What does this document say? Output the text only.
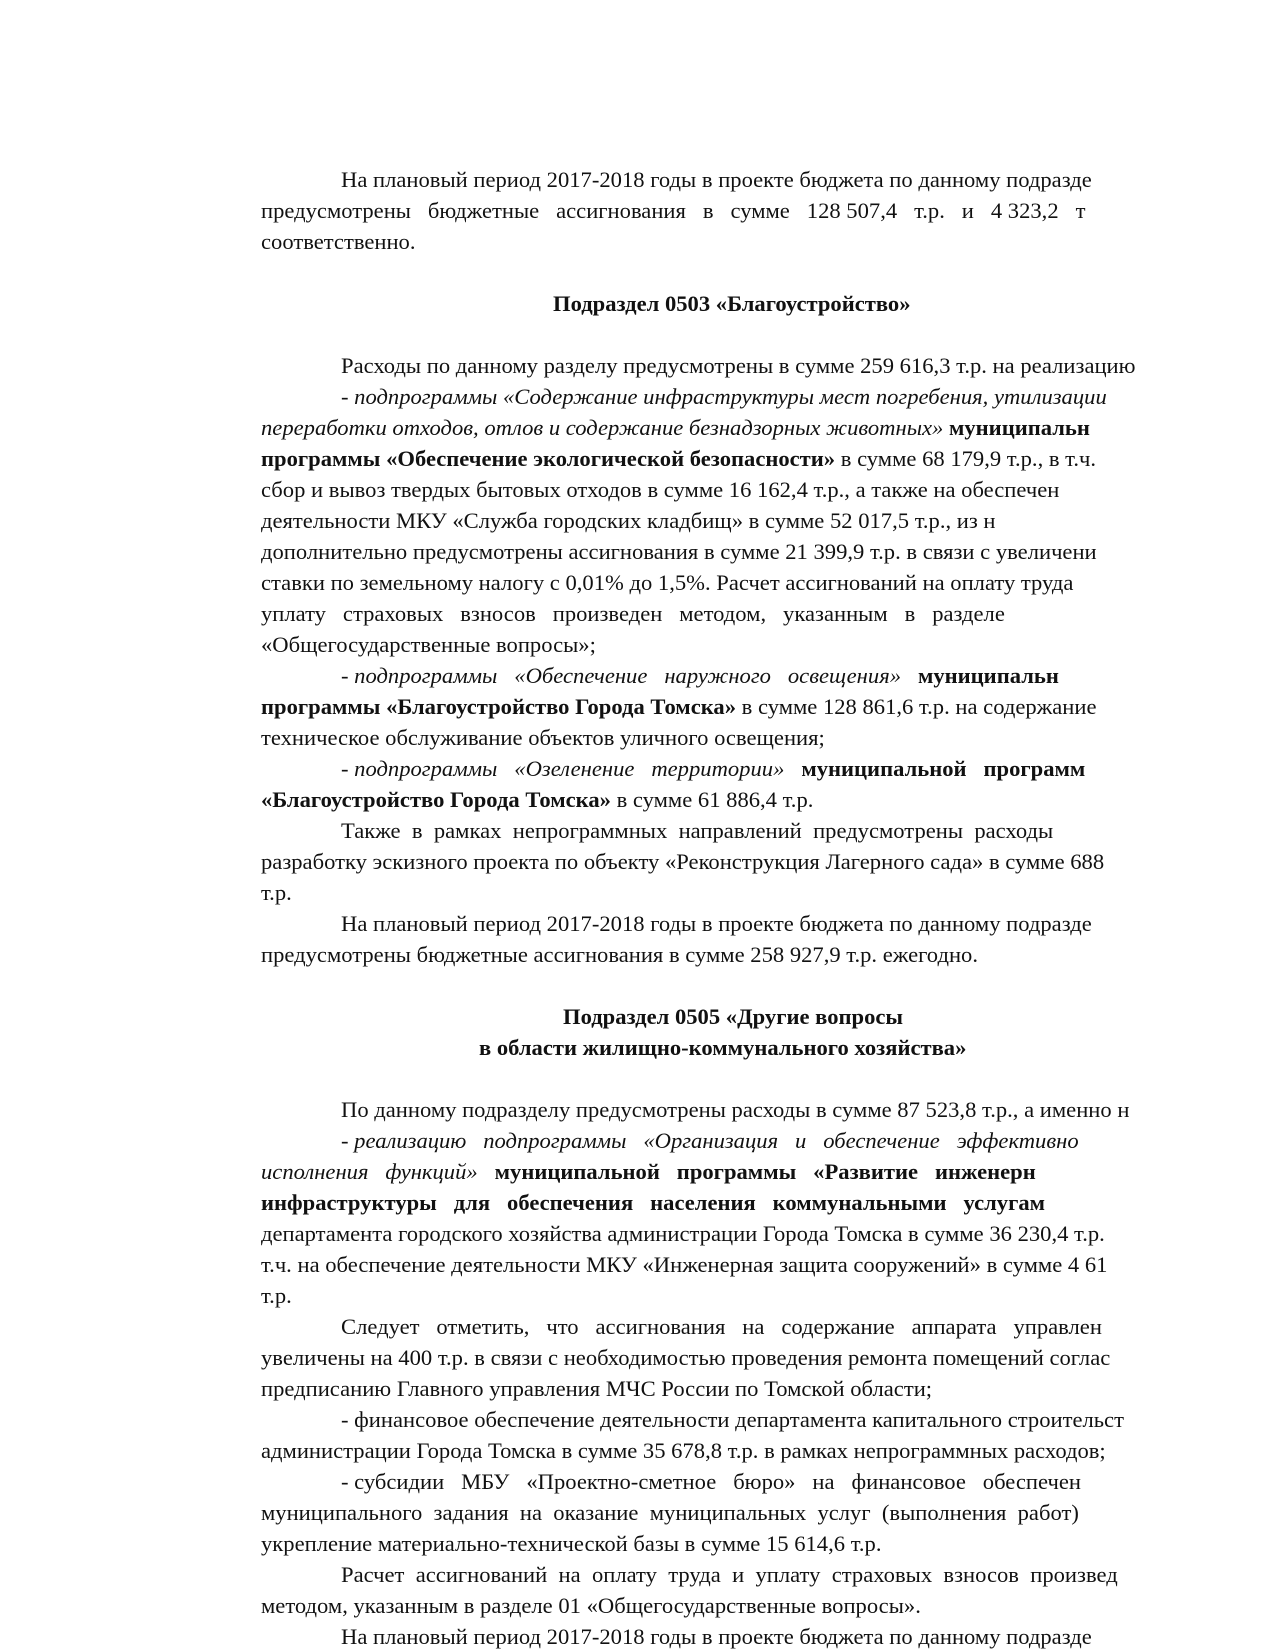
На плановый период 2017-2018 годы в проекте бюджета по данному подразде
предусмотрены   бюджетные   ассигнования   в   сумме   128 507,4   т.р.   и   4 323,2   т
соответственно.
Подраздел 0503 «Благоустройство»
Расходы по данному разделу предусмотрены в сумме 259 616,3 т.р. на реализацию
- подпрограммы «Содержание инфраструктуры мест погребения, утилизации
переработки отходов, отлов и содержание безнадзорных животных» муниципальн
программы «Обеспечение экологической безопасности» в сумме 68 179,9 т.р., в т.ч.
сбор и вывоз твердых бытовых отходов в сумме 16 162,4 т.р., а также на обеспечен
деятельности МКУ «Служба городских кладбищ» в сумме 52 017,5 т.р., из н
дополнительно предусмотрены ассигнования в сумме 21 399,9 т.р. в связи с увеличени
ставки по земельному налогу с 0,01% до 1,5%. Расчет ассигнований на оплату труда
уплату   страховых   взносов   произведен   методом,   указанным   в   разделе
«Общегосударственные вопросы»;
- подпрограммы   «Обеспечение   наружного   освещения»   муниципальн
программы «Благоустройство Города Томска» в сумме 128 861,6 т.р. на содержание
техническое обслуживание объектов уличного освещения;
- подпрограммы   «Озеленение   территории»   муниципальной   программ
«Благоустройство Города Томска» в сумме 61 886,4 т.р.
Также  в  рамках  непрограммных  направлений  предусмотрены  расходы
разработку эскизного проекта по объекту «Реконструкция Лагерного сада» в сумме 688
т.р.
На плановый период 2017-2018 годы в проекте бюджета по данному подразде
предусмотрены бюджетные ассигнования в сумме 258 927,9 т.р. ежегодно.
Подраздел 0505 «Другие вопросы
в области жилищно-коммунального хозяйства»
По данному подразделу предусмотрены расходы в сумме 87 523,8 т.р., а именно н
- реализацию   подпрограммы   «Организация   и   обеспечение   эффективно
исполнения   функций»   муниципальной   программы   «Развитие   инженерн
инфраструктуры   для   обеспечения   населения   коммунальными   услугам
департамента городского хозяйства администрации Города Томска в сумме 36 230,4 т.р.
т.ч. на обеспечение деятельности МКУ «Инженерная защита сооружений» в сумме 4 61
т.р.
Следует   отметить,   что   ассигнования   на   содержание   аппарата   управлен
увеличены на 400 т.р. в связи с необходимостью проведения ремонта помещений соглас
предписанию Главного управления МЧС России по Томской области;
- финансовое обеспечение деятельности департамента капитального строительст
администрации Города Томска в сумме 35 678,8 т.р. в рамках непрограммных расходов;
- субсидии   МБУ   «Проектно-сметное   бюро»   на   финансовое   обеспечен
муниципального  задания  на  оказание  муниципальных  услуг  (выполнения  работ)
укрепление материально-технической базы в сумме 15 614,6 т.р.
Расчет  ассигнований  на  оплату  труда  и  уплату  страховых  взносов  произвед
методом, указанным в разделе 01 «Общегосударственные вопросы».
На плановый период 2017-2018 годы в проекте бюджета по данному подразде
